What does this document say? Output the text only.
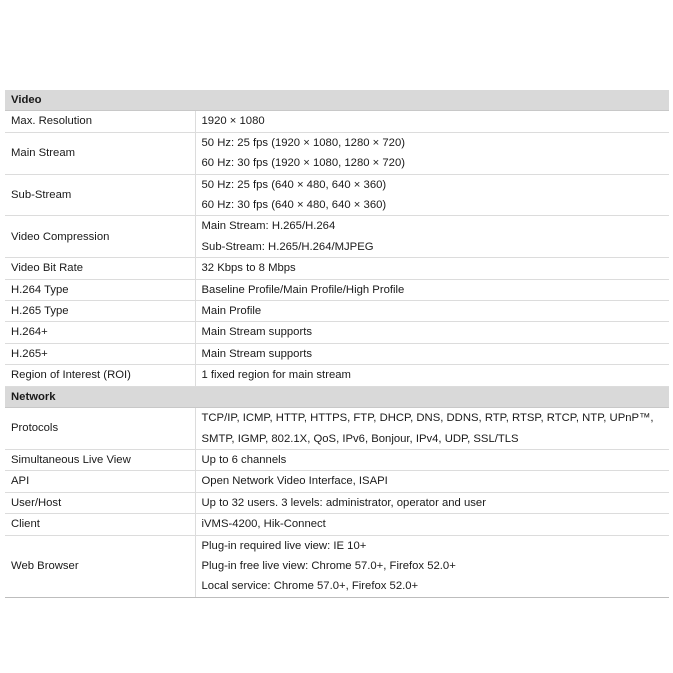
Video	
Max. Resolution	1920 × 1080

Main Stream	50 Hz: 25 fps (1920 × 1080, 1280 × 720)
60 Hz: 30 fps (1920 × 1080, 1280 × 720)

Sub-Stream	50 Hz: 25 fps (640 × 480, 640 × 360)
60 Hz: 30 fps (640 × 480, 640 × 360)

Video Compression	Main Stream: H.265/H.264
Sub-Stream: H.265/H.264/MJPEG

Video Bit Rate	32 Kbps to 8 Mbps

H.264 Type	Baseline Profile/Main Profile/High Profile

H.265 Type	Main Profile

H.264+	Main Stream supports

H.265+	Main Stream supports

Region of Interest (ROI)	1 fixed region for main stream

Network	
Protocols	TCP/IP, ICMP, HTTP, HTTPS, FTP, DHCP, DNS, DDNS, RTP, RTSP, RTCP, NTP, UPnP™,
SMTP, IGMP, 802.1X, QoS, IPv6, Bonjour, IPv4, UDP, SSL/TLS

Simultaneous Live View	Up to 6 channels

API	Open Network Video Interface, ISAPI

User/Host	Up to 32 users. 3 levels: administrator, operator and user

Client	iVMS-4200, Hik-Connect

Web Browser	Plug-in required live view: IE 10+
Plug-in free live view: Chrome 57.0+, Firefox 52.0+
Local service: Chrome 57.0+, Firefox 52.0+
